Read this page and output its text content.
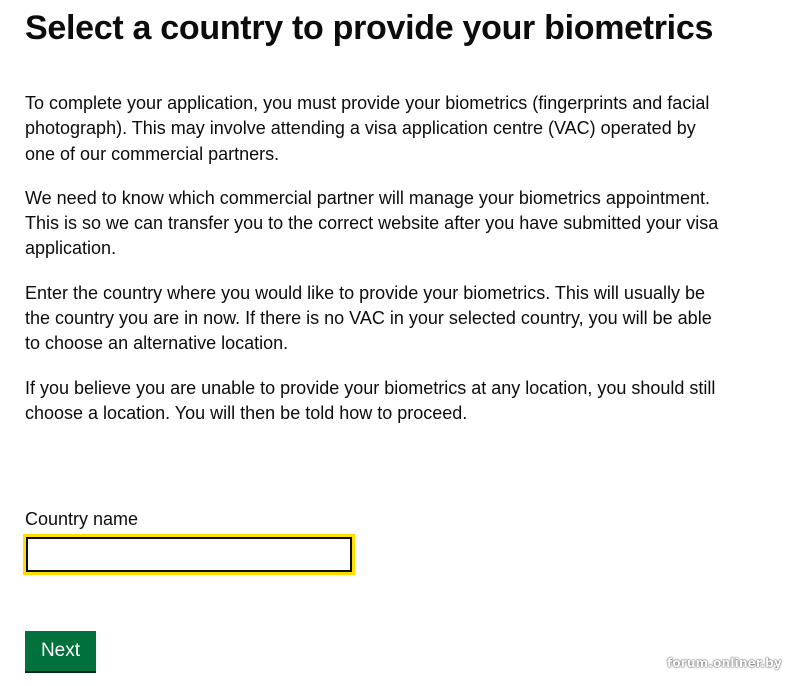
Select a country to provide your biometrics

To complete your application, you must provide your biometrics (fingerprints and facial photograph). This may involve attending a visa application centre (VAC) operated by one of our commercial partners.

We need to know which commercial partner will manage your biometrics appointment. This is so we can transfer you to the correct website after you have submitted your visa application.

Enter the country where you would like to provide your biometrics. This will usually be the country you are in now. If there is no VAC in your selected country, you will be able to choose an alternative location.

If you believe you are unable to provide your biometrics at any location, you should still choose a location. You will then be told how to proceed.

Country name
Next
forum.onliner.by
